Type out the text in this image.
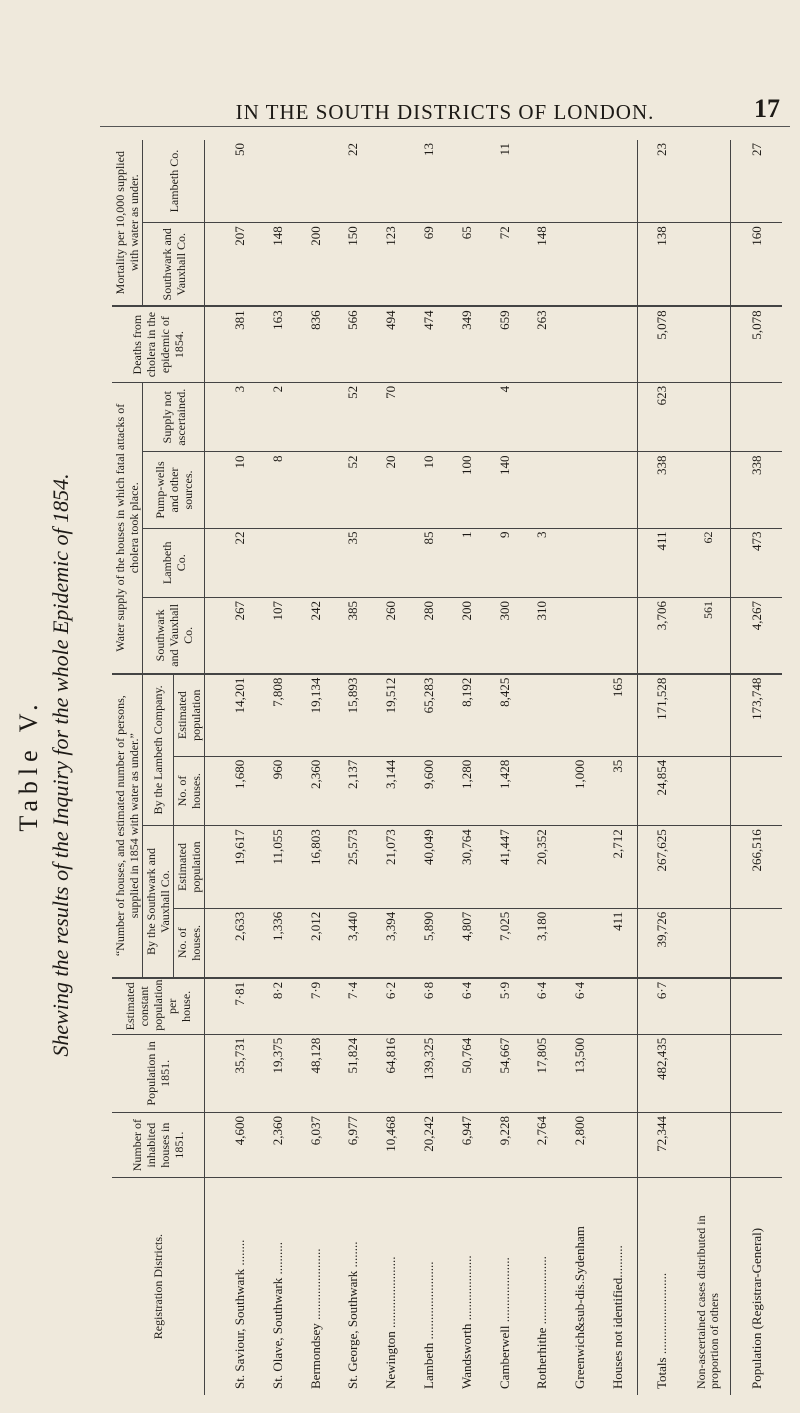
IN THE SOUTH DISTRICTS OF LONDON.	17
Table V. Shewing the results of the Inquiry for the whole Epidemic of 1854.
Registration Districts.	Number of inhabited houses in 1851.	Population in 1851.	Estimated constant population per house.	“Number of houses, and estimated number of persons, supplied in 1854 with water as under.”				Water supply of the houses in which fatal attacks of cholera took place.				Deaths from cholera in the epidemic of 1854.	Mortality per 10,000 supplied with water as under.	
				By the Southwark and Vauxhall Co.		By the Lambeth Company.		Southwark and Vauxhall Co.	Lambeth Co.	Pump-wells and other sources.	Supply not ascertained.		Southwark and Vauxhall Co.	Lambeth Co.
				No. of houses.	Estimated population	No. of houses.	Estimated population							

St. Saviour, Southwark ........	4,600	35,731	7·81	2,633	19,617	1,680	14,201	267	22	10	3	381	207	50
St. Olave, Southwark ..........	2,360	19,375	8·2	1,336	11,055	960	7,808	107		8	2	163	148	
Bermondsey ......................	6,037	48,128	7·9	2,012	16,803	2,360	19,134	242				836	200	
St. George, Southwark ........	6,977	51,824	7·4	3,440	25,573	2,137	15,893	385	35	52	52	566	150	22
Newington ......................	10,468	64,816	6·2	3,394	21,073	3,144	19,512	260		20	70	494	123	
Lambeth ........................	20,242	139,325	6·8	5,890	40,049	9,600	65,283	280	85	10		474	69	13
Wandsworth ....................	6,947	50,764	6·4	4,807	30,764	1,280	8,192	200	1	100		349	65	
Camberwell ....................	9,228	54,667	5·9	7,025	41,447	1,428	8,425	300	9	140	4	659	72	11
Rotherhithe .....................	2,764	17,805	6·4	3,180	20,352			310	3			263	148	
Greenwich&sub-dis.Sydenham	2,800	13,500	6·4			1,000								
Houses not identified..........				411	2,712	35	165							
Totals .........................	72,344	482,435	6·7	39,726	267,625	24,854	171,528	3,706	411	338	623	5,078	138	23
Non-ascertained cases distributed in proportion of others								561	62					
Population (Registrar-General)					266,516		173,748	4,267	473	338		5,078	160	27
